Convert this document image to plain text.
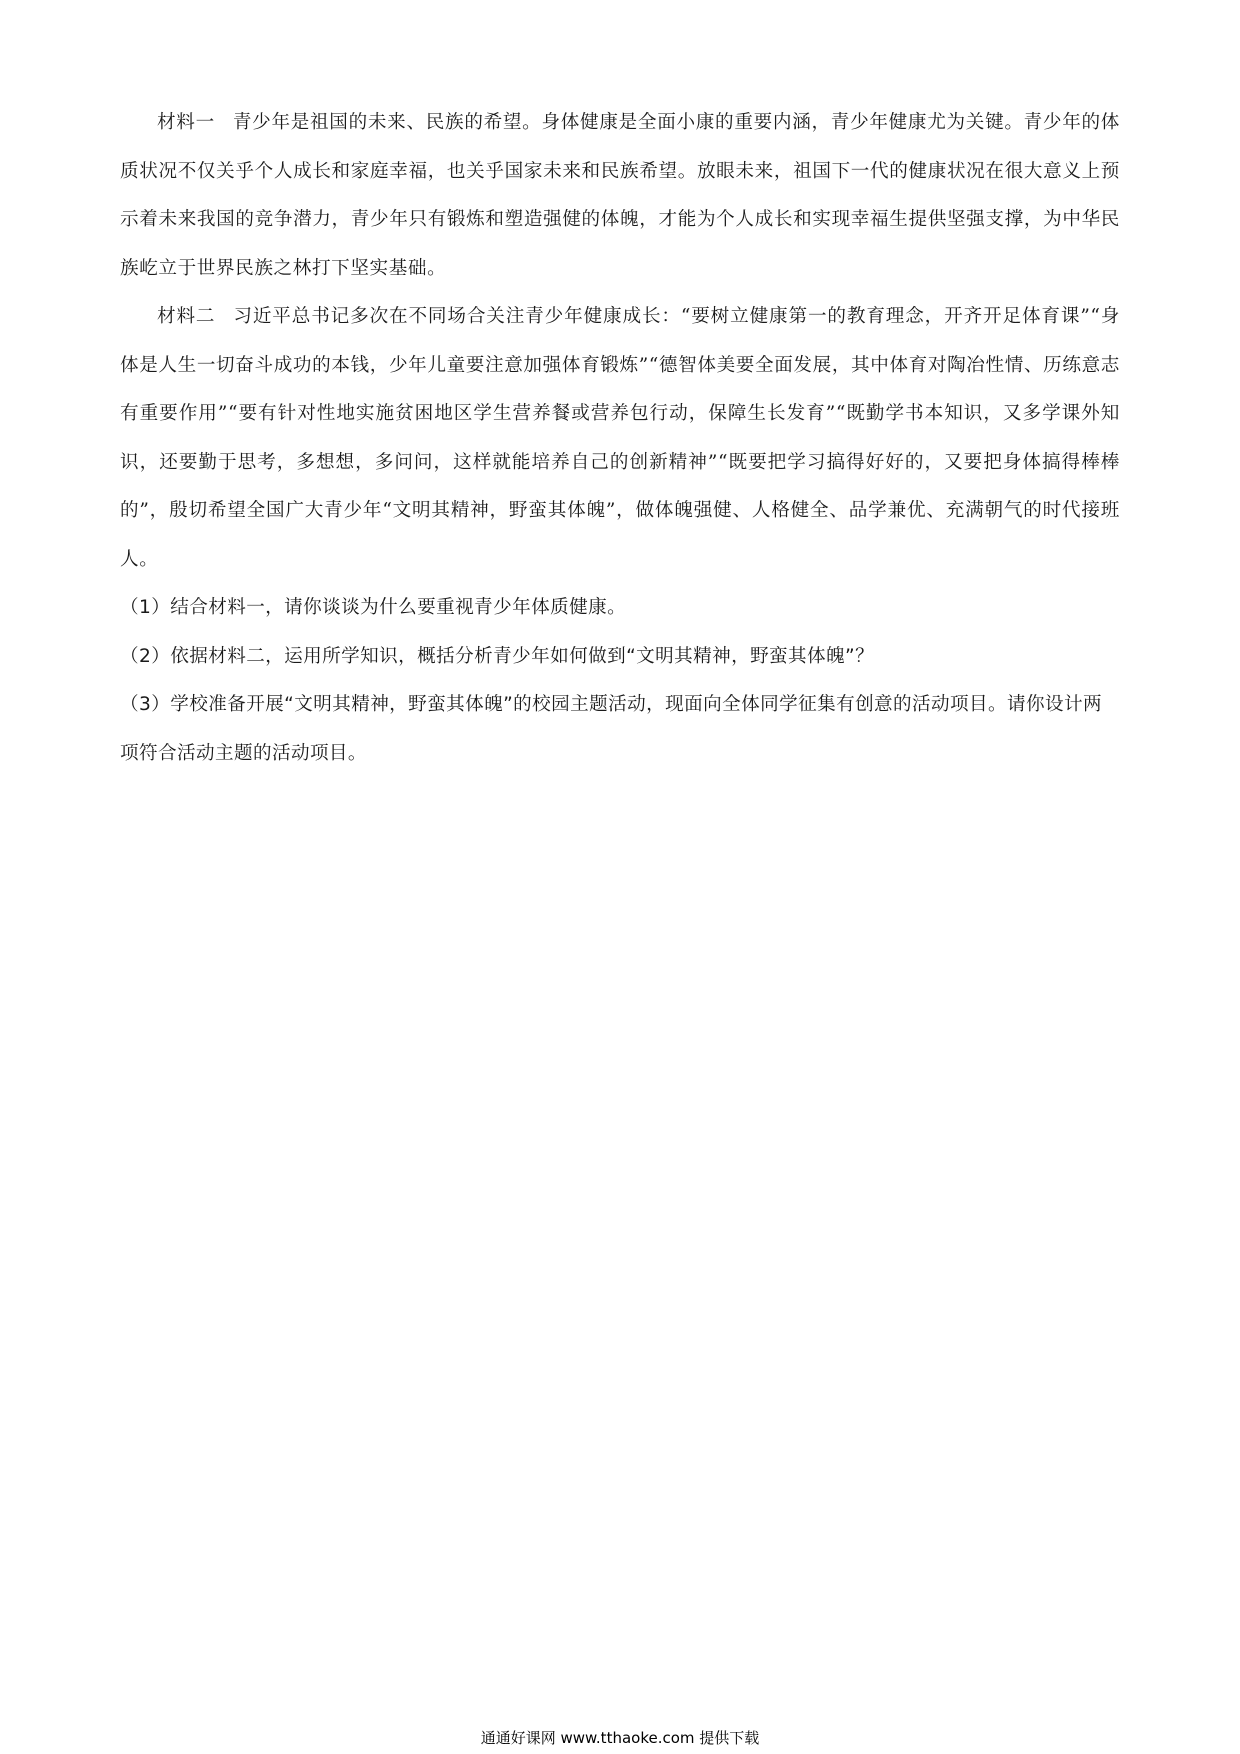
材料一 青少年是祖国的未来、民族的希望。身体健康是全面小康的重要内涵，青少年健康尤为关键。青少年的体质状况不仅关乎个人成长和家庭幸福，也关乎国家未来和民族希望。放眼未来，祖国下一代的健康状况在很大意义上预示着未来我国的竞争潜力，青少年只有锻炼和塑造强健的体魄，才能为个人成长和实现幸福生提供坚强支撑，为中华民族屹立于世界民族之林打下坚实基础。

材料二 习近平总书记多次在不同场合关注青少年健康成长：“要树立健康第一的教育理念，开齐开足体育课”“身体是人生一切奋斗成功的本钱，少年儿童要注意加强体育锻炼”“德智体美要全面发展，其中体育对陶冶性情、历练意志有重要作用”“要有针对性地实施贫困地区学生营养餐或营养包行动，保障生长发育”“既勤学书本知识，又多学课外知识，还要勤于思考，多想想，多问问，这样就能培养自己的创新精神”“既要把学习搞得好好的，又要把身体搞得棒棒的”，殷切希望全国广大青少年“文明其精神，野蛮其体魄”，做体魄强健、人格健全、品学兼优、充满朝气的时代接班人。

（1）结合材料一，请你谈谈为什么要重视青少年体质健康。

（2）依据材料二，运用所学知识，概括分析青少年如何做到“文明其精神，野蛮其体魄”？

（3）学校准备开展“文明其精神，野蛮其体魄”的校园主题活动，现面向全体同学征集有创意的活动项目。请你设计两项符合活动主题的活动项目。

通通好课网 www.tthaoke.com 提供下载
